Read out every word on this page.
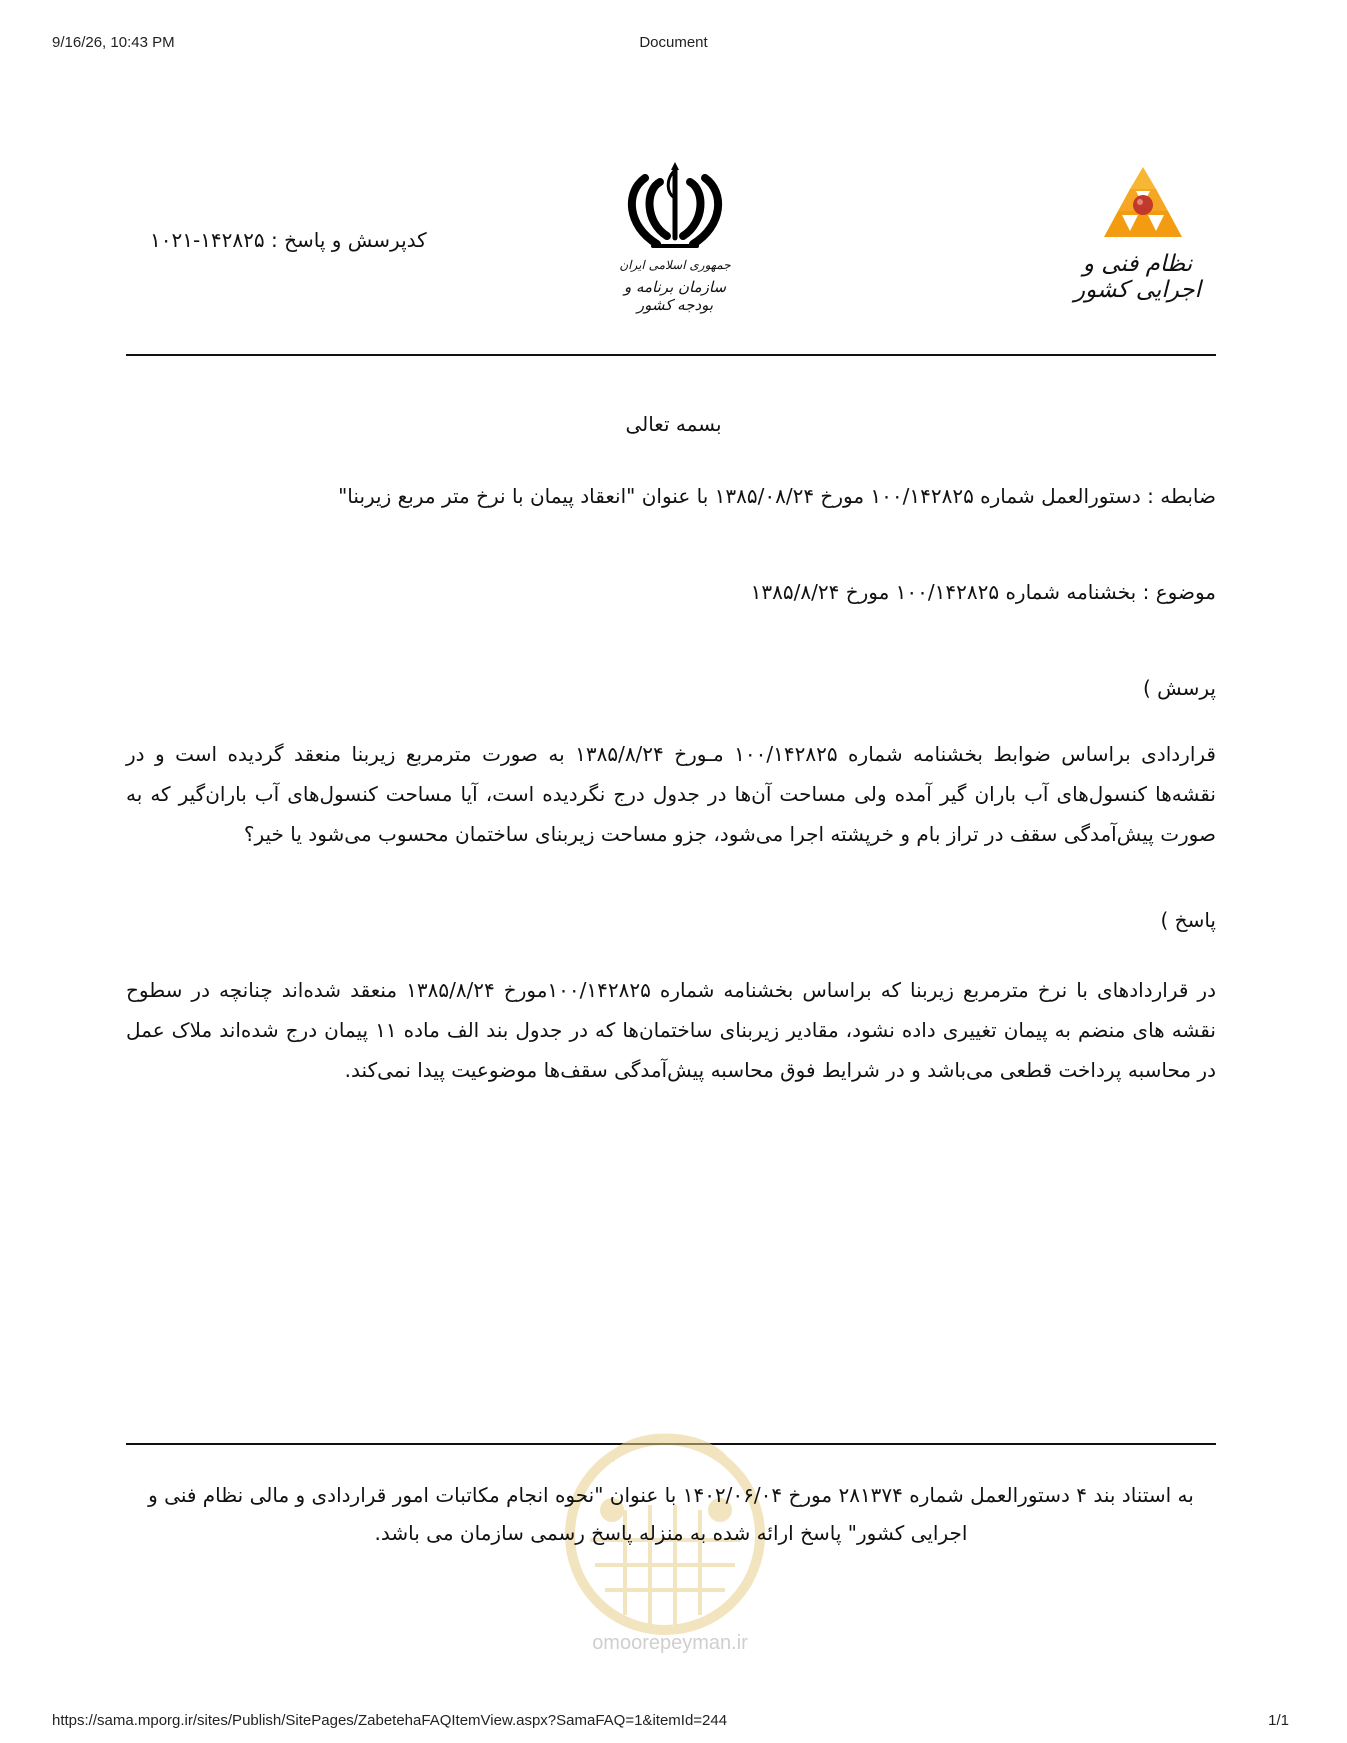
9/16/26, 10:43 PM	Document
https://sama.mporg.ir/sites/Publish/SitePages/ZabetehaFAQItemView.aspx?SamaFAQ=1&itemId=244	1/1
کدپرسش و پاسخ : ۱۴۲۸۲۵-۱۰۲۱
جمهوری اسلامی ایران
سازمان برنامه و بودجه کشور
نظام فنی و اجرایی کشور
بسمه تعالی
ضابطه : دستورالعمل شماره ۱۰۰/۱۴۲۸۲۵ مورخ ۱۳۸۵/۰۸/۲۴ با عنوان "انعقاد پیمان با نرخ متر مربع زیربنا"
موضوع : بخشنامه شماره ۱۰۰/۱۴۲۸۲۵ مورخ ۱۳۸۵/۸/۲۴
پرسش )
قراردادی براساس ضوابط بخشنامه شماره ۱۰۰/۱۴۲۸۲۵ مـورخ ۱۳۸۵/۸/۲۴ به صورت مترمربع زیربنا منعقد گردیده است و در نقشه‌ها کنسول‌های آب باران گیر آمده ولی مساحت آن‌ها در جدول درج نگردیده است، آیا مساحت کنسول‌های آب باران‌گیر که به صورت پیش‌آمدگی سقف در تراز بام و خرپشته اجرا می‌شود، جزو مساحت زیربنای ساختمان محسوب می‌شود یا خیر؟
پاسخ )
در قراردادهای با نرخ مترمربع زیربنا که براساس بخشنامه شماره ۱۰۰/۱۴۲۸۲۵مورخ ۱۳۸۵/۸/۲۴ منعقد شده‌اند چنانچه در سطوح نقشه های منضم به پیمان تغییری داده نشود، مقادیر زیربنای ساختمان‌ها که در جدول بند الف ماده ۱۱ پیمان درج شده‌اند ملاک عمل در محاسبه پرداخت قطعی می‌باشد و در شرایط فوق محاسبه پیش‌آمدگی سقف‌ها موضوعیت پیدا نمی‌کند.
omoorepeyman.ir
به استناد بند ۴ دستورالعمل شماره ۲۸۱۳۷۴ مورخ ۱۴۰۲/۰۶/۰۴ با عنوان "نحوه انجام مکاتبات امور قراردادی و مالی نظام فنی و اجرایی کشور" پاسخ ارائه شده به منزله پاسخ رسمی سازمان می باشد.
